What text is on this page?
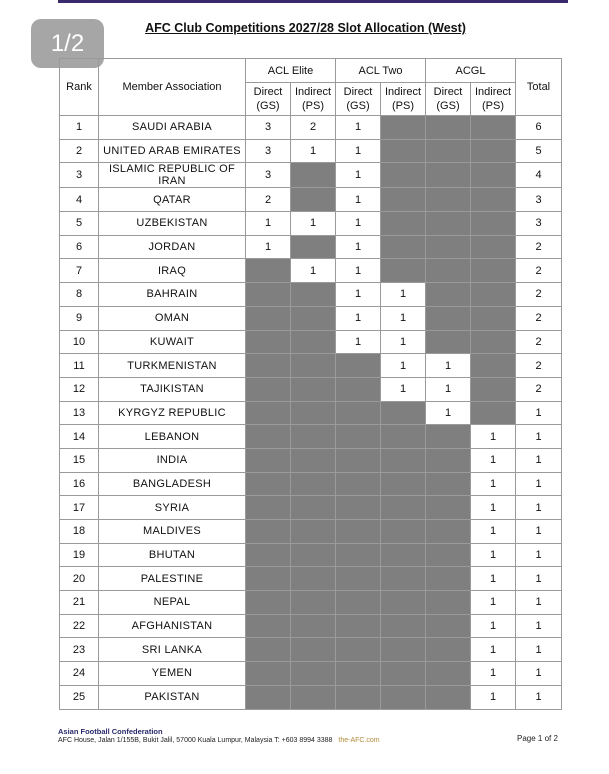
1/2
AFC Club Competitions 2027/28 Slot Allocation (West)
Rank	Member Association	ACL Elite		ACL Two		ACGL		Total
		Direct (GS)	Indirect (PS)	Direct (GS)	Indirect (PS)	Direct (GS)	Indirect (PS)	
1	SAUDI ARABIA	3	2	1				6
2	UNITED ARAB EMIRATES	3	1	1				5
3	ISLAMIC REPUBLIC OF IRAN	3		1				4
4	QATAR	2		1				3
5	UZBEKISTAN	1	1	1				3
6	JORDAN	1		1				2
7	IRAQ		1	1				2
8	BAHRAIN			1	1			2
9	OMAN			1	1			2
10	KUWAIT			1	1			2
11	TURKMENISTAN				1	1		2
12	TAJIKISTAN				1	1		2
13	KYRGYZ REPUBLIC					1		1
14	LEBANON						1	1
15	INDIA						1	1
16	BANGLADESH						1	1
17	SYRIA						1	1
18	MALDIVES						1	1
19	BHUTAN						1	1
20	PALESTINE						1	1
21	NEPAL						1	1
22	AFGHANISTAN						1	1
23	SRI LANKA						1	1
24	YEMEN						1	1
25	PAKISTAN						1	1
Asian Football Confederation
AFC House, Jalan 1/155B, Bukit Jalil, 57000 Kuala Lumpur, Malaysia T: +603 8994 3388 the-AFC.com	Page 1 of 2
